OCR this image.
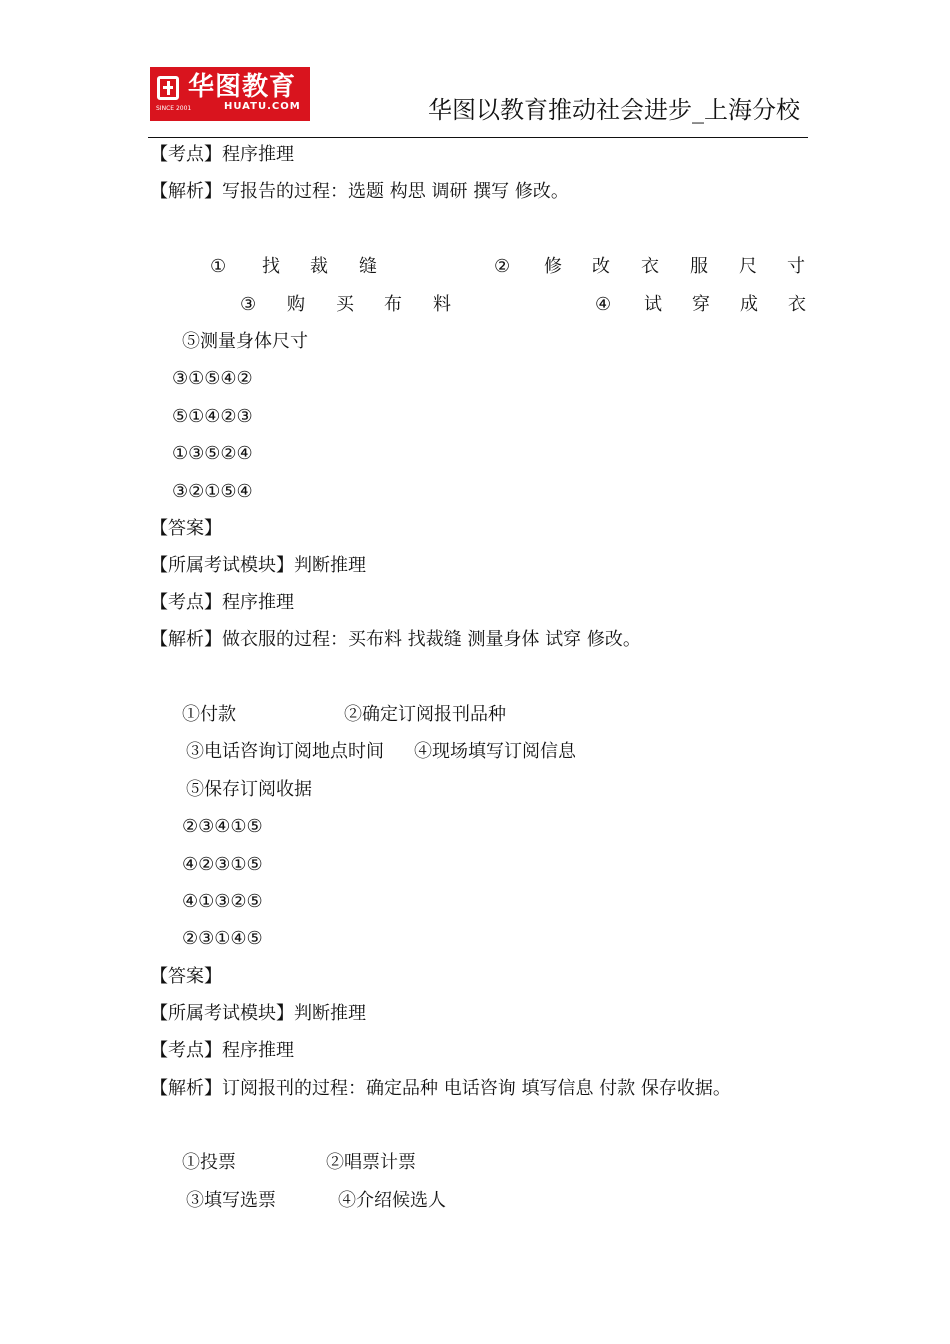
华图教育
HUATU.COM
SINCE 2001	华图以教育推动社会进步_上海分校
【考点】程序推理
【解析】写报告的过程：选题 构思 调研 撰写 修改。
① 找 裁 缝	② 修 改 衣 服 尺 寸
③ 购 买 布 料	④ 试 穿 成 衣
⑤测量身体尺寸
③①⑤④②
⑤①④②③
①③⑤②④
③②①⑤④
【答案】
【所属考试模块】判断推理
【考点】程序推理
【解析】做衣服的过程：买布料 找裁缝 测量身体 试穿 修改。
①付款	②确定订阅报刊品种
③电话咨询订阅地点时间 ④现场填写订阅信息
⑤保存订阅收据
②③④①⑤
④②③①⑤
④①③②⑤
②③①④⑤
【答案】
【所属考试模块】判断推理
【考点】程序推理
【解析】订阅报刊的过程：确定品种 电话咨询 填写信息 付款 保存收据。
①投票	②唱票计票
③填写选票	④介绍候选人
